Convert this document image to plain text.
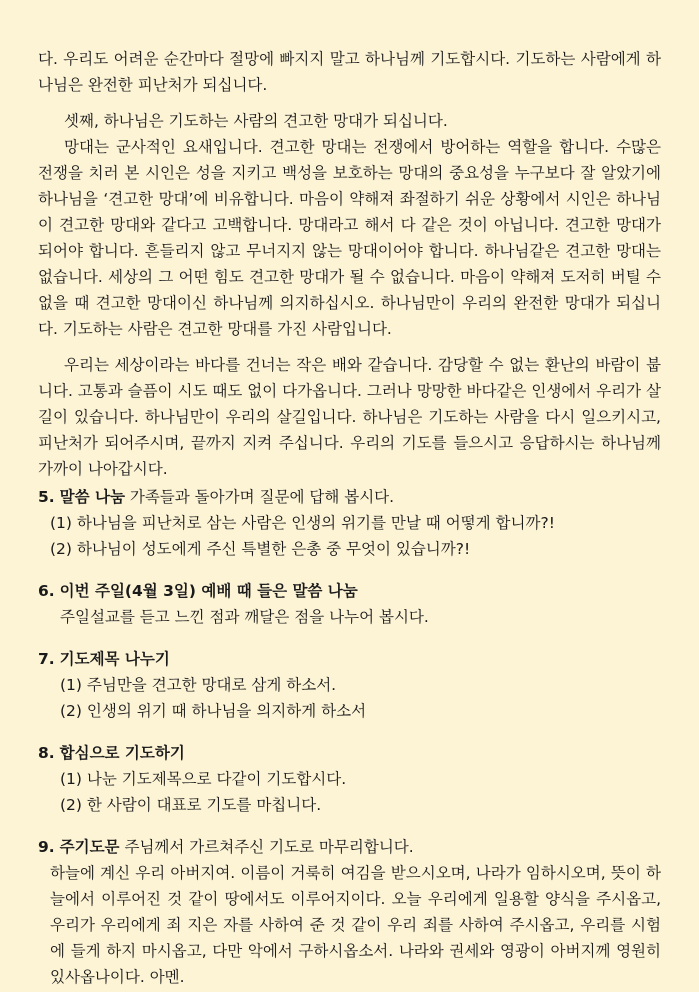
다. 우리도 어려운 순간마다 절망에 빠지지 말고 하나님께 기도합시다. 기도하는 사람에게 하나님은 완전한 피난처가 되십니다.

셋째, 하나님은 기도하는 사람의 견고한 망대가 되십니다.

망대는 군사적인 요새입니다. 견고한 망대는 전쟁에서 방어하는 역할을 합니다. 수많은 전쟁을 치러 본 시인은 성을 지키고 백성을 보호하는 망대의 중요성을 누구보다 잘 알았기에 하나님을 ‘견고한 망대’에 비유합니다. 마음이 약해져 좌절하기 쉬운 상황에서 시인은 하나님이 견고한 망대와 같다고 고백합니다. 망대라고 해서 다 같은 것이 아닙니다. 견고한 망대가 되어야 합니다. 흔들리지 않고 무너지지 않는 망대이어야 합니다. 하나님같은 견고한 망대는 없습니다. 세상의 그 어떤 힘도 견고한 망대가 될 수 없습니다. 마음이 약해져 도저히 버틸 수 없을 때 견고한 망대이신 하나님께 의지하십시오. 하나님만이 우리의 완전한 망대가 되십니다. 기도하는 사람은 견고한 망대를 가진 사람입니다.

우리는 세상이라는 바다를 건너는 작은 배와 같습니다. 감당할 수 없는 환난의 바람이 붑니다. 고통과 슬픔이 시도 때도 없이 다가옵니다. 그러나 망망한 바다같은 인생에서 우리가 살길이 있습니다. 하나님만이 우리의 살길입니다. 하나님은 기도하는 사람을 다시 일으키시고, 피난처가 되어주시며, 끝까지 지켜 주십니다. 우리의 기도를 들으시고 응답하시는 하나님께 가까이 나아갑시다.

5. 말씀 나눔 가족들과 돌아가며 질문에 답해 봅시다.

(1) 하나님을 피난처로 삼는 사람은 인생의 위기를 만날 때 어떻게 합니까?!

(2) 하나님이 성도에게 주신 특별한 은총 중 무엇이 있습니까?!

6. 이번 주일(4월 3일) 예배 때 들은 말씀 나눔

주일설교를 듣고 느낀 점과 깨달은 점을 나누어 봅시다.

7. 기도제목 나누기

(1) 주님만을 견고한 망대로 삼게 하소서.

(2) 인생의 위기 때 하나님을 의지하게 하소서

8. 합심으로 기도하기

(1) 나눈 기도제목으로 다같이 기도합시다.

(2) 한 사람이 대표로 기도를 마칩니다.

9. 주기도문 주님께서 가르쳐주신 기도로 마무리합니다.

하늘에 계신 우리 아버지여. 이름이 거룩히 여김을 받으시오며, 나라가 임하시오며, 뜻이 하늘에서 이루어진 것 같이 땅에서도 이루어지이다. 오늘 우리에게 일용할 양식을 주시옵고, 우리가 우리에게 죄 지은 자를 사하여 준 것 같이 우리 죄를 사하여 주시옵고, 우리를 시험에 들게 하지 마시옵고, 다만 악에서 구하시옵소서. 나라와 권세와 영광이 아버지께 영원히 있사옵나이다. 아멘.
